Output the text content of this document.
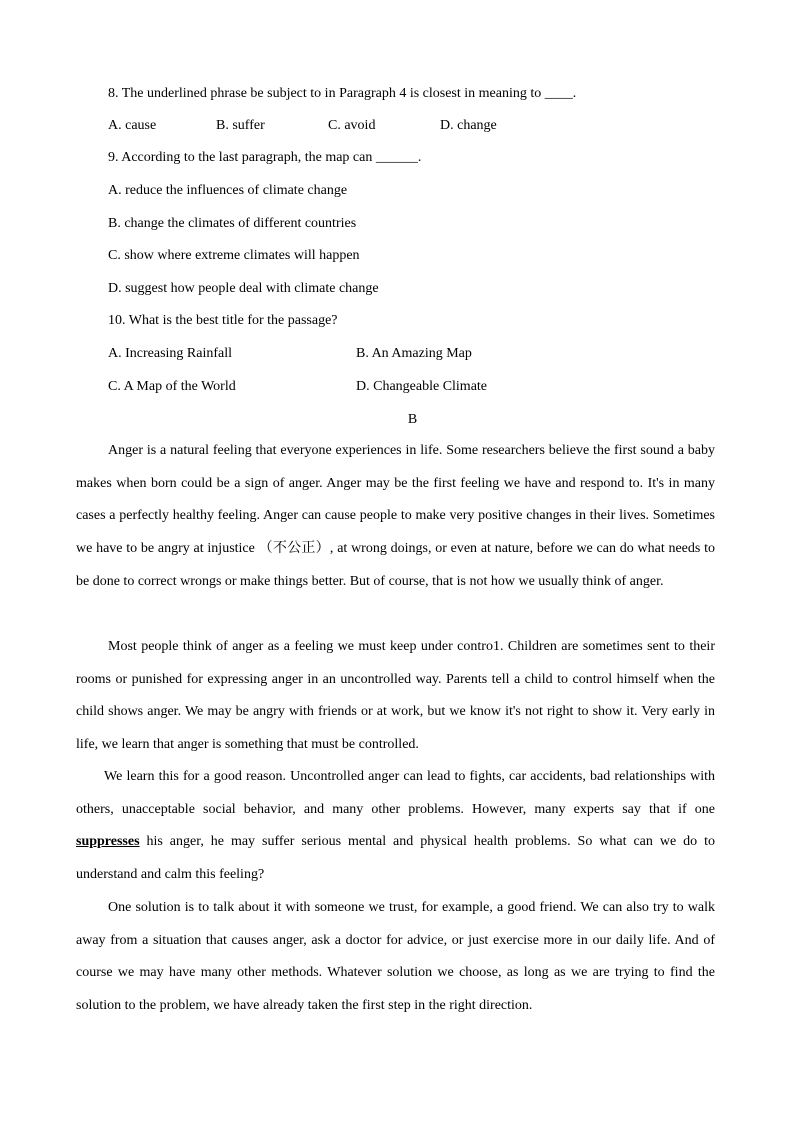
8. The underlined phrase be subject to in Paragraph 4 is closest in meaning to ____.
A. cause	B. suffer	C. avoid	D. change
9. According to the last paragraph, the map can ______.
A. reduce the influences of climate change
B. change the climates of different countries
C. show where extreme climates will happen
D. suggest how people deal with climate change
10. What is the best title for the passage?
A. Increasing Rainfall	B. An Amazing Map
C. A Map of the World	D. Changeable Climate
B

Anger is a natural feeling that everyone experiences in life. Some researchers believe the first sound a baby makes when born could be a sign of anger. Anger may be the first feeling we have and respond to. It's in many cases a perfectly healthy feeling. Anger can cause people to make very positive changes in their lives. Sometimes we have to be angry at injustice （不公正）, at wrong doings, or even at nature, before we can do what needs to be done to correct wrongs or make things better. But of course, that is not how we usually think of anger.

Most people think of anger as a feeling we must keep under contro1. Children are sometimes sent to their rooms or punished for expressing anger in an uncontrolled way. Parents tell a child to control himself when the child shows anger. We may be angry with friends or at work, but we know it's not right to show it. Very early in life, we learn that anger is something that must be controlled.

We learn this for a good reason. Uncontrolled anger can lead to fights, car accidents, bad relationships with others, unacceptable social behavior, and many other problems. However, many experts say that if one suppresses his anger, he may suffer serious mental and physical health problems. So what can we do to understand and calm this feeling?

One solution is to talk about it with someone we trust, for example, a good friend. We can also try to walk away from a situation that causes anger, ask a doctor for advice, or just exercise more in our daily life. And of course we may have many other methods. Whatever solution we choose, as long as we are trying to find the solution to the problem, we have already taken the first step in the right direction.
